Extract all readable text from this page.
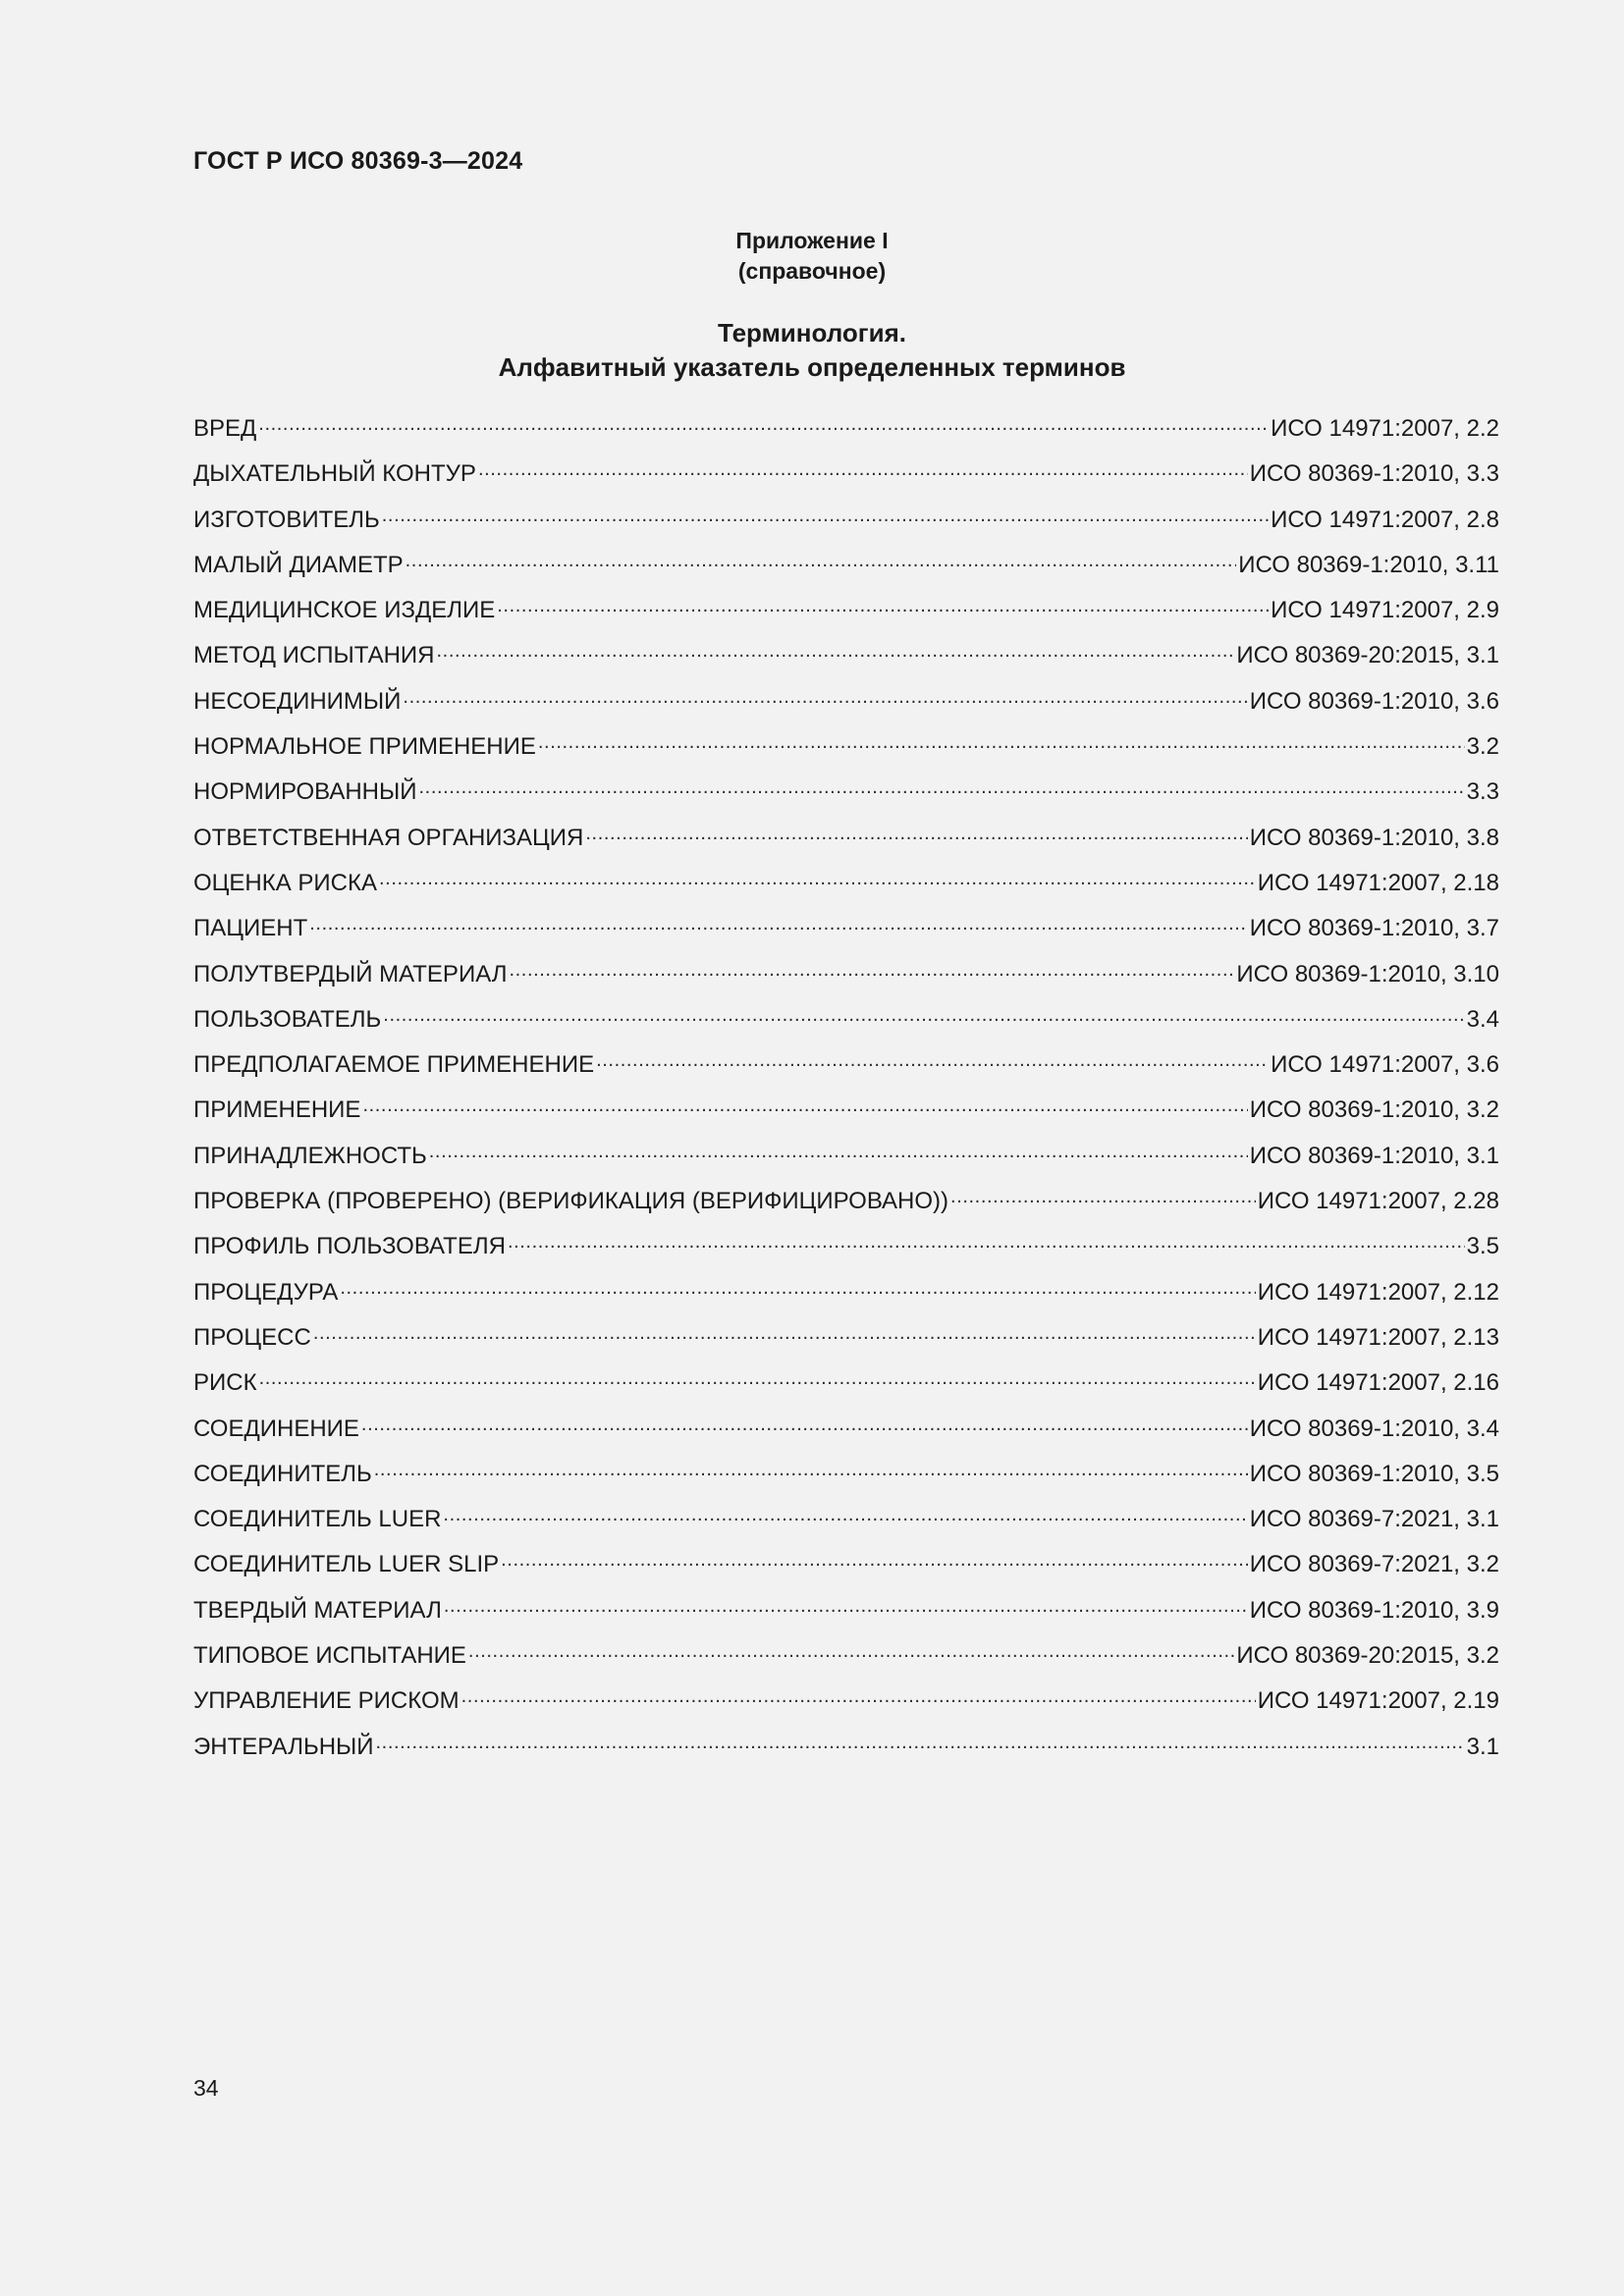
ГОСТ Р ИСО 80369-3—2024
Приложение I
(справочное)
Терминология.
Алфавитный указатель определенных терминов
ВРЕД .....	ИСО 14971:2007, 2.2
ДЫХАТЕЛЬНЫЙ КОНТУР .....	ИСО 80369-1:2010, 3.3
ИЗГОТОВИТЕЛЬ .....	ИСО 14971:2007, 2.8
МАЛЫЙ ДИАМЕТР .....	ИСО 80369-1:2010, 3.11
МЕДИЦИНСКОЕ ИЗДЕЛИЕ .....	ИСО 14971:2007, 2.9
МЕТОД ИСПЫТАНИЯ .....	ИСО 80369-20:2015, 3.1
НЕСОЕДИНИМЫЙ .....	ИСО 80369-1:2010, 3.6
НОРМАЛЬНОЕ ПРИМЕНЕНИЕ .....	3.2
НОРМИРОВАННЫЙ .....	3.3
ОТВЕТСТВЕННАЯ ОРГАНИЗАЦИЯ .....	ИСО 80369-1:2010, 3.8
ОЦЕНКА РИСКА .....	ИСО 14971:2007, 2.18
ПАЦИЕНТ .....	ИСО 80369-1:2010, 3.7
ПОЛУТВЕРДЫЙ МАТЕРИАЛ .....	ИСО 80369-1:2010, 3.10
ПОЛЬЗОВАТЕЛЬ .....	3.4
ПРЕДПОЛАГАЕМОЕ ПРИМЕНЕНИЕ .....	ИСО 14971:2007, 3.6
ПРИМЕНЕНИЕ .....	ИСО 80369-1:2010, 3.2
ПРИНАДЛЕЖНОСТЬ .....	ИСО 80369-1:2010, 3.1
ПРОВЕРКА (ПРОВЕРЕНО) (ВЕРИФИКАЦИЯ (ВЕРИФИЦИРОВАНО)) .....	ИСО 14971:2007, 2.28
ПРОФИЛЬ ПОЛЬЗОВАТЕЛЯ .....	3.5
ПРОЦЕДУРА .....	ИСО 14971:2007, 2.12
ПРОЦЕСС .....	ИСО 14971:2007, 2.13
РИСК .....	ИСО 14971:2007, 2.16
СОЕДИНЕНИЕ .....	ИСО 80369-1:2010, 3.4
СОЕДИНИТЕЛЬ .....	ИСО 80369-1:2010, 3.5
СОЕДИНИТЕЛЬ LUER .....	ИСО 80369-7:2021, 3.1
СОЕДИНИТЕЛЬ LUER SLIP .....	ИСО 80369-7:2021, 3.2
ТВЕРДЫЙ МАТЕРИАЛ .....	ИСО 80369-1:2010, 3.9
ТИПОВОЕ ИСПЫТАНИЕ .....	ИСО 80369-20:2015, 3.2
УПРАВЛЕНИЕ РИСКОМ .....	ИСО 14971:2007, 2.19
ЭНТЕРАЛЬНЫЙ .....	3.1
34
